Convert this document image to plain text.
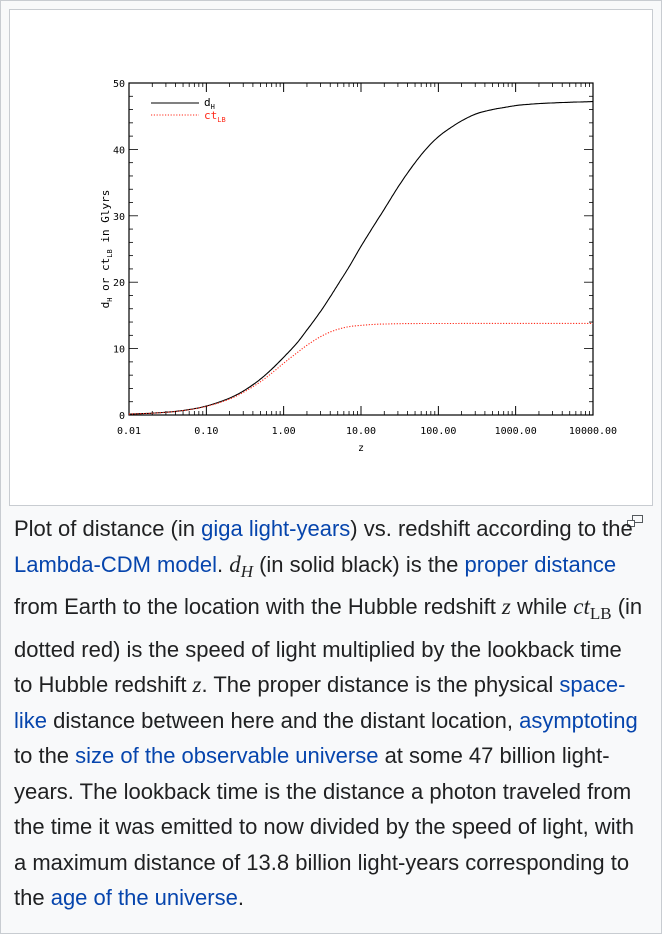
0.01	0.10	1.00	10.00	100.00	1000.00	10000.00
0
10
20
30
40
50
$d_H$
$ct_{LB}$
z
$d_H$ or $ct_{LB}$ in Glyrs
Plot of distance (in giga light-years) vs. redshift according to the Lambda-CDM model. $d_H$ (in solid black) is the proper distance from Earth to the location with the Hubble redshift z while $ct_{LB}$ (in dotted red) is the speed of light multiplied by the lookback time to Hubble redshift z. The proper distance is the physical space-like distance between here and the distant location, asymptoting to the size of the observable universe at some 47 billion light-years. The lookback time is the distance a photon traveled from the time it was emitted to now divided by the speed of light, with a maximum distance of 13.8 billion light-years corresponding to the age of the universe.
